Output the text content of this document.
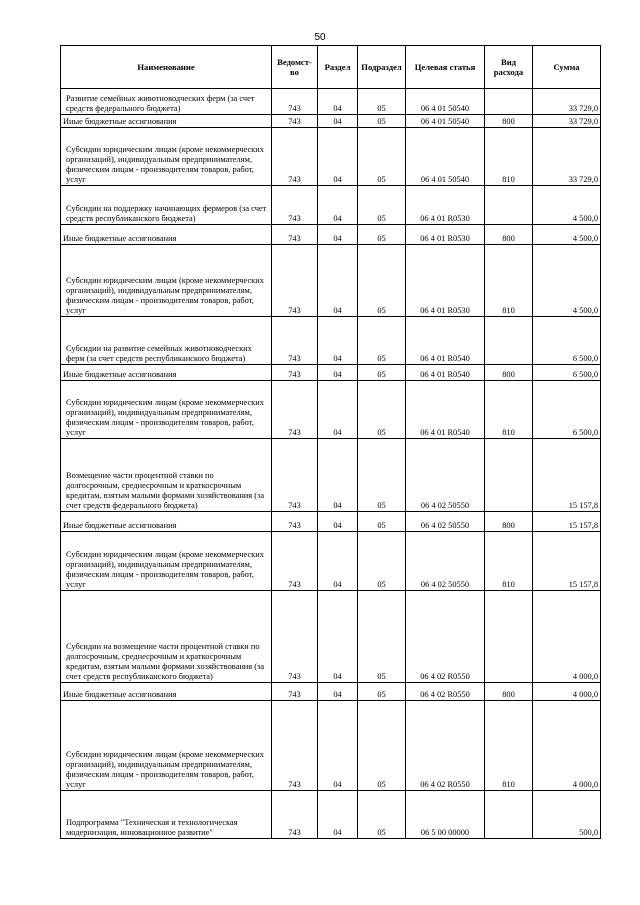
50
Наименование	Ведомст-во	Раздел	Подраздел	Целевая статья	Вид расхода	Сумма
Развитие семейных животноводческих ферм (за счет средств федерального бюджета)	743	04	05	06 4 01 50540		33 729,0
Иные бюджетные ассигнования	743	04	05	06 4 01 50540	800	33 729,0
Субсидии юридическим лицам (кроме некоммерческих организаций), индивидуальным предпринимателям, физическим лицам - производителям товаров, работ, услуг	743	04	05	06 4 01 50540	810	33 729,0
Субсидии на поддержку начинающих фермеров (за счет средств республиканского бюджета)	743	04	05	06 4 01 R0530		4 500,0
Иные бюджетные ассигнования	743	04	05	06 4 01 R0530	800	4 500,0
Субсидии юридическим лицам (кроме некоммерческих организаций), индивидуальным предпринимателям, физическим лицам - производителям товаров, работ, услуг	743	04	05	06 4 01 R0530	810	4 500,0
Субсидии на развитие семейных животноводческих ферм (за счет средств республиканского бюджета)	743	04	05	06 4 01 R0540		6 500,0
Иные бюджетные ассигнования	743	04	05	06 4 01 R0540	800	6 500,0
Субсидии юридическим лицам (кроме некоммерческих организаций), индивидуальным предпринимателям, физическим лицам - производителям товаров, работ, услуг	743	04	05	06 4 01 R0540	810	6 500,0
Возмещение части процентной ставки по долгосрочным, среднесрочным и краткосрочным кредитам, взятым малыми формами хозяйствования (за счет средств федерального бюджета)	743	04	05	06 4 02 50550		15 157,8
Иные бюджетные ассигнования	743	04	05	06 4 02 50550	800	15 157,8
Субсидии юридическим лицам (кроме некоммерческих организаций), индивидуальным предпринимателям, физическим лицам - производителям товаров, работ, услуг	743	04	05	06 4 02 50550	810	15 157,8
Субсидии на возмещение части процентной ставки по долгосрочным, среднесрочным и краткосрочным кредитам, взятым малыми формами хозяйствования (за счет средств республиканского бюджета)	743	04	05	06 4 02 R0550		4 000,0
Иные бюджетные ассигнования	743	04	05	06 4 02 R0550	800	4 000,0
Субсидии юридическим лицам (кроме некоммерческих организаций), индивидуальным предпринимателям, физическим лицам - производителям товаров, работ, услуг	743	04	05	06 4 02 R0550	810	4 000,0
Подпрограмма "Техническая и технологическая модернизация, инновационное развитие"	743	04	05	06 5 00 00000		500,0
